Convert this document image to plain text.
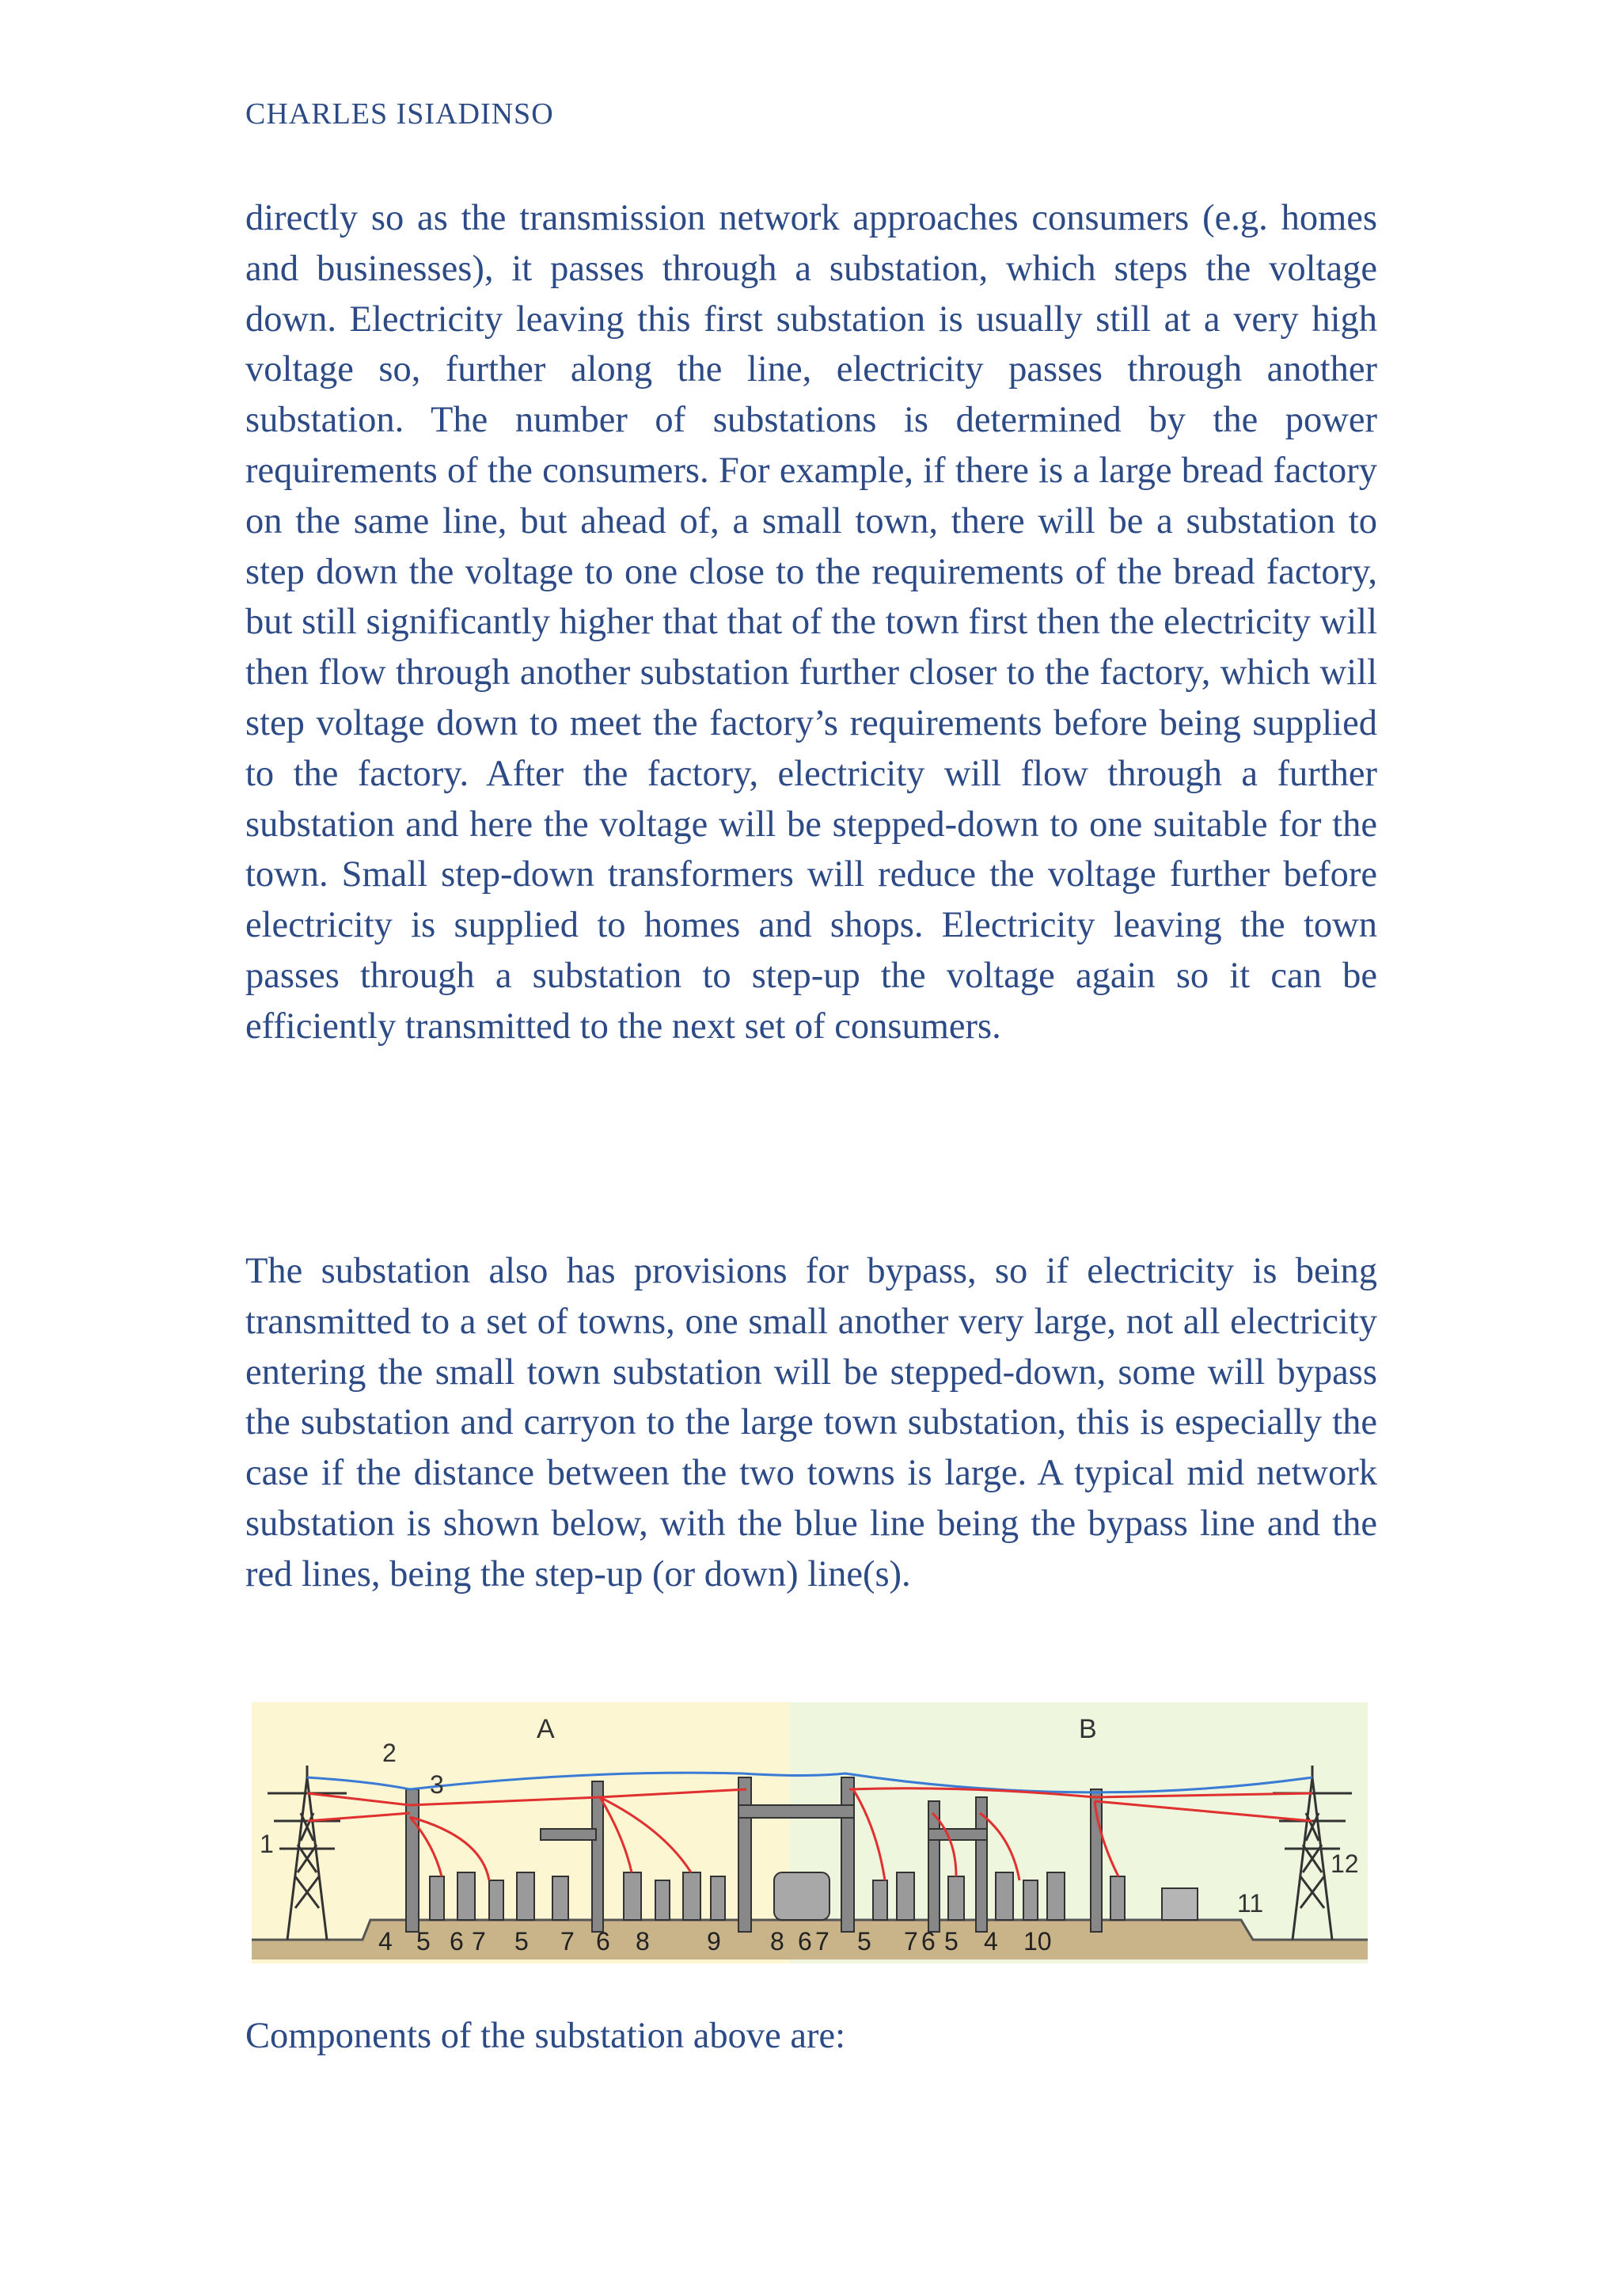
CHARLES ISIADINSO

directly so as the transmission network approaches consumers (e.g. homes and businesses), it passes through a substation, which steps the voltage down. Electricity leaving this first substation is usually still at a very high voltage so, further along the line, electricity passes through another substation. The number of substations is determined by the power requirements of the consumers. For example, if there is a large bread factory on the same line, but ahead of, a small town, there will be a substation to step down the voltage to one close to the requirements of the bread factory, but still significantly higher that that of the town first then the electricity will then flow through another substation further closer to the factory, which will step voltage down to meet the factory’s requirements before being supplied to the factory. After the factory, electricity will flow through a further substation and here the voltage will be stepped-down to one suitable for the town. Small step-down transformers will reduce the voltage further before electricity is supplied to homes and shops. Electricity leaving the town passes through a substation to step-up the voltage again so it can be efficiently transmitted to the next set of consumers.

The substation also has provisions for bypass, so if electricity is being transmitted to a set of towns, one small another very large, not all electricity entering the small town substation will be stepped-down, some will bypass the substation and carryon to the large town substation, this is especially the case if the distance between the two towns is large. A typical mid network substation is shown below, with the blue line being the bypass line and the red lines, being the step-up (or down) line(s).

A	B
1
2
3
11
12
4 5 6 7 5 7 6 8 9 8 6 7 5 7 6 5 4 10

Components of the substation above are:
